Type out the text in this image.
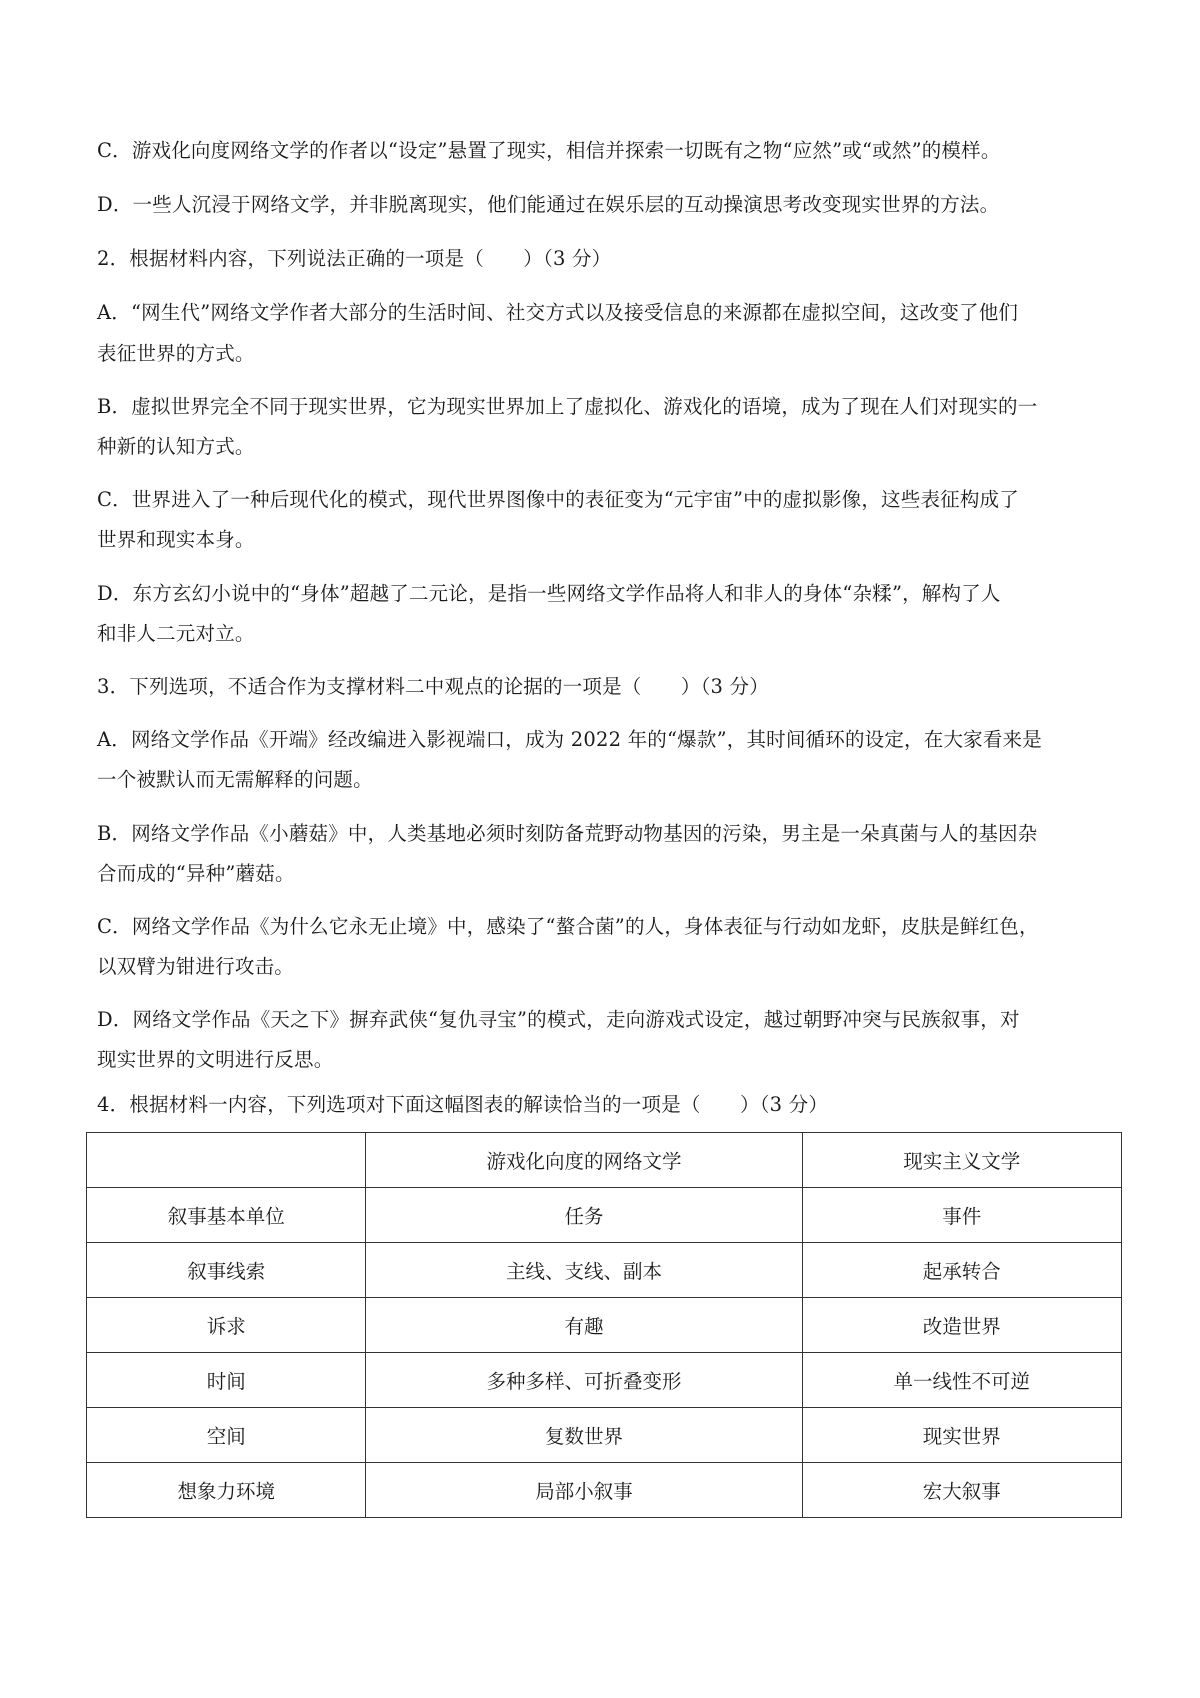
C．游戏化向度网络文学的作者以“设定”悬置了现实，相信并探索一切既有之物“应然”或“或然”的模样。
D．一些人沉浸于网络文学，并非脱离现实，他们能通过在娱乐层的互动操演思考改变现实世界的方法。
2．根据材料内容，下列说法正确的一项是（　　）（3 分）
A．“网生代”网络文学作者大部分的生活时间、社交方式以及接受信息的来源都在虚拟空间，这改变了他们
表征世界的方式。
B．虚拟世界完全不同于现实世界，它为现实世界加上了虚拟化、游戏化的语境，成为了现在人们对现实的一
种新的认知方式。
C．世界进入了一种后现代化的模式，现代世界图像中的表征变为“元宇宙”中的虚拟影像，这些表征构成了
世界和现实本身。
D．东方玄幻小说中的“身体”超越了二元论，是指一些网络文学作品将人和非人的身体“杂糅”，解构了人
和非人二元对立。
3．下列选项，不适合作为支撑材料二中观点的论据的一项是（　　）（3 分）
A．网络文学作品《开端》经改编进入影视端口，成为 2022 年的“爆款”，其时间循环的设定，在大家看来是
一个被默认而无需解释的问题。
B．网络文学作品《小蘑菇》中，人类基地必须时刻防备荒野动物基因的污染，男主是一朵真菌与人的基因杂
合而成的“异种”蘑菇。
C．网络文学作品《为什么它永无止境》中，感染了“螯合菌”的人，身体表征与行动如龙虾，皮肤是鲜红色，
以双臂为钳进行攻击。
D．网络文学作品《天之下》摒弃武侠“复仇寻宝”的模式，走向游戏式设定，越过朝野冲突与民族叙事，对
现实世界的文明进行反思。
4．根据材料一内容，下列选项对下面这幅图表的解读恰当的一项是（　　）（3 分）
	游戏化向度的网络文学	现实主义文学
叙事基本单位	任务	事件
叙事线索	主线、支线、副本	起承转合
诉求	有趣	改造世界
时间	多种多样、可折叠变形	单一线性不可逆
空间	复数世界	现实世界
想象力环境	局部小叙事	宏大叙事
